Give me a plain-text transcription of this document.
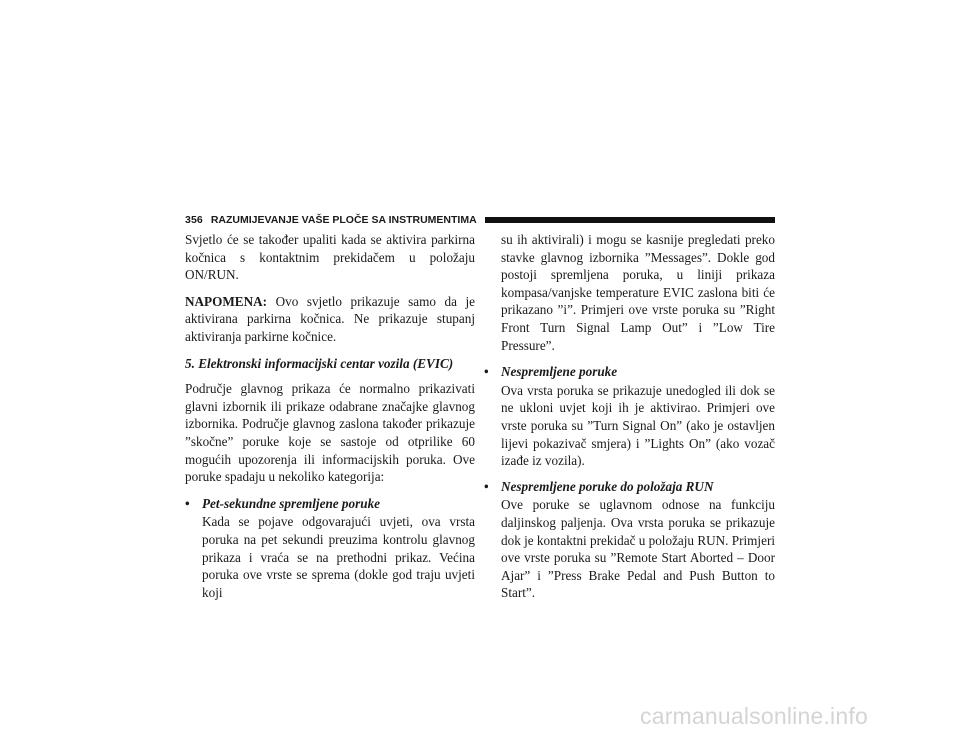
356 RAZUMIJEVANJE VAŠE PLOČE SA INSTRUMENTIMA

Svjetlo će se također upaliti kada se aktivira parkirna kočnica s kontaktnim prekidačem u položaju ON/RUN.

NAPOMENA: Ovo svjetlo prikazuje samo da je aktivirana parkirna kočnica. Ne prikazuje stupanj aktiviranja parkirne kočnice.

5. Elektronski informacijski centar vozila (EVIC)

Područje glavnog prikaza će normalno prikazivati glavni izbornik ili prikaze odabrane značajke glavnog izbornika. Područje glavnog zaslona također prikazuje ”skočne” poruke koje se sastoje od otprilike 60 mogućih upozorenja ili informacijskih poruka. Ove poruke spadaju u nekoliko kategorija:

• Pet-sekundne spremljene poruke
Kada se pojave odgovarajući uvjeti, ova vrsta poruka na pet sekundi preuzima kontrolu glavnog prikaza i vraća se na prethodni prikaz. Većina poruka ove vrste se sprema (dokle god traju uvjeti koji
su ih aktivirali) i mogu se kasnije pregledati preko stavke glavnog izbornika ”Messages”. Dokle god postoji spremljena poruka, u liniji prikaza kompasa/vanjske temperature EVIC zaslona biti će prikazano ”i”. Primjeri ove vrste poruka su ”Right Front Turn Signal Lamp Out” i ”Low Tire Pressure”.
• Nespremljene poruke
Ova vrsta poruka se prikazuje unedogled ili dok se ne ukloni uvjet koji ih je aktivirao. Primjeri ove vrste poruka su ”Turn Signal On” (ako je ostavljen lijevi pokazivač smjera) i ”Lights On” (ako vozač izađe iz vozila).
• Nespremljene poruke do položaja RUN
Ove poruke se uglavnom odnose na funkciju daljinskog paljenja. Ova vrsta poruka se prikazuje dok je kontaktni prekidač u položaju RUN. Primjeri ove vrste poruka su ”Remote Start Aborted – Door Ajar” i ”Press Brake Pedal and Push Button to Start”.
carmanualsonline.info
